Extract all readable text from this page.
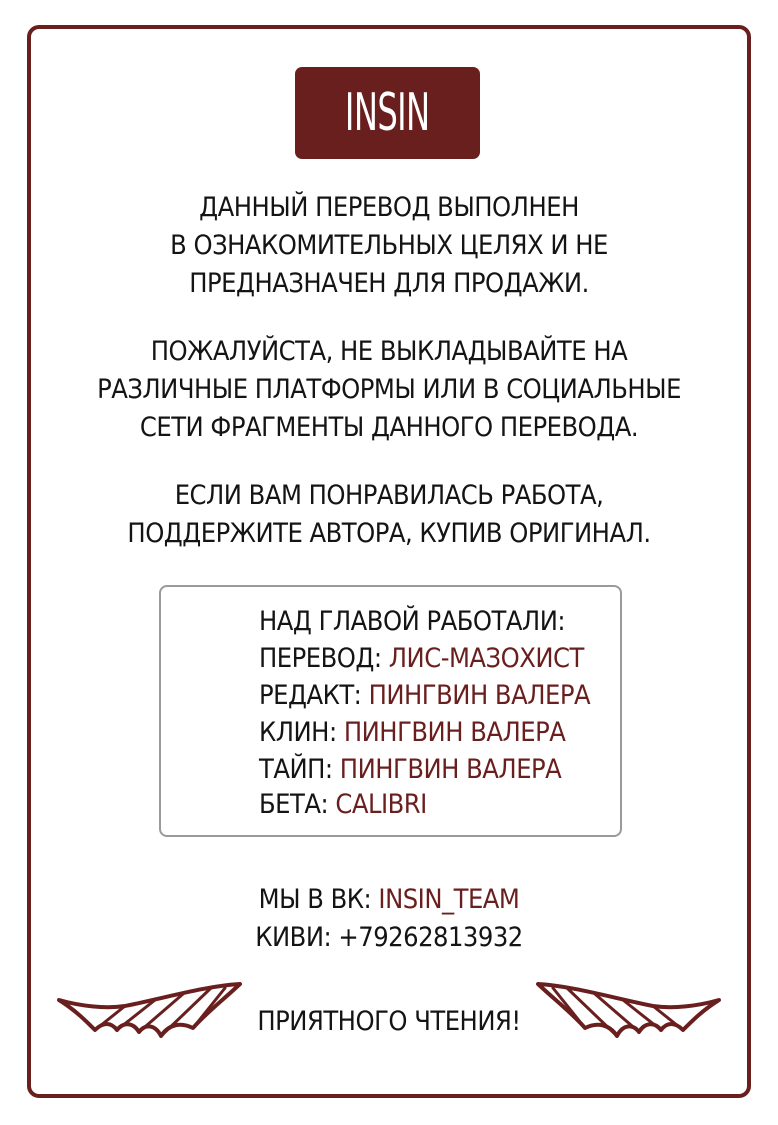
INSIN
ДАННЫЙ ПЕРЕВОД ВЫПОЛНЕН
В ОЗНАКОМИТЕЛЬНЫХ ЦЕЛЯХ И НЕ
ПРЕДНАЗНАЧЕН ДЛЯ ПРОДАЖИ.
ПОЖАЛУЙСТА, НЕ ВЫКЛАДЫВАЙТЕ НА
РАЗЛИЧНЫЕ ПЛАТФОРМЫ ИЛИ В СОЦИАЛЬНЫЕ
СЕТИ ФРАГМЕНТЫ ДАННОГО ПЕРЕВОДА.
ЕСЛИ ВАМ ПОНРАВИЛАСЬ РАБОТА,
ПОДДЕРЖИТЕ АВТОРА, КУПИВ ОРИГИНАЛ.
НАД ГЛАВОЙ РАБОТАЛИ:
ПЕРЕВОД: ЛИС-МАЗОХИСТ
РЕДАКТ: ПИНГВИН ВАЛЕРА
КЛИН: ПИНГВИН ВАЛЕРА
ТАЙП: ПИНГВИН ВАЛЕРА
БЕТА: CALIBRI
МЫ В ВК: INSIN_TEAM
КИВИ: +79262813932
ПРИЯТНОГО ЧТЕНИЯ!
